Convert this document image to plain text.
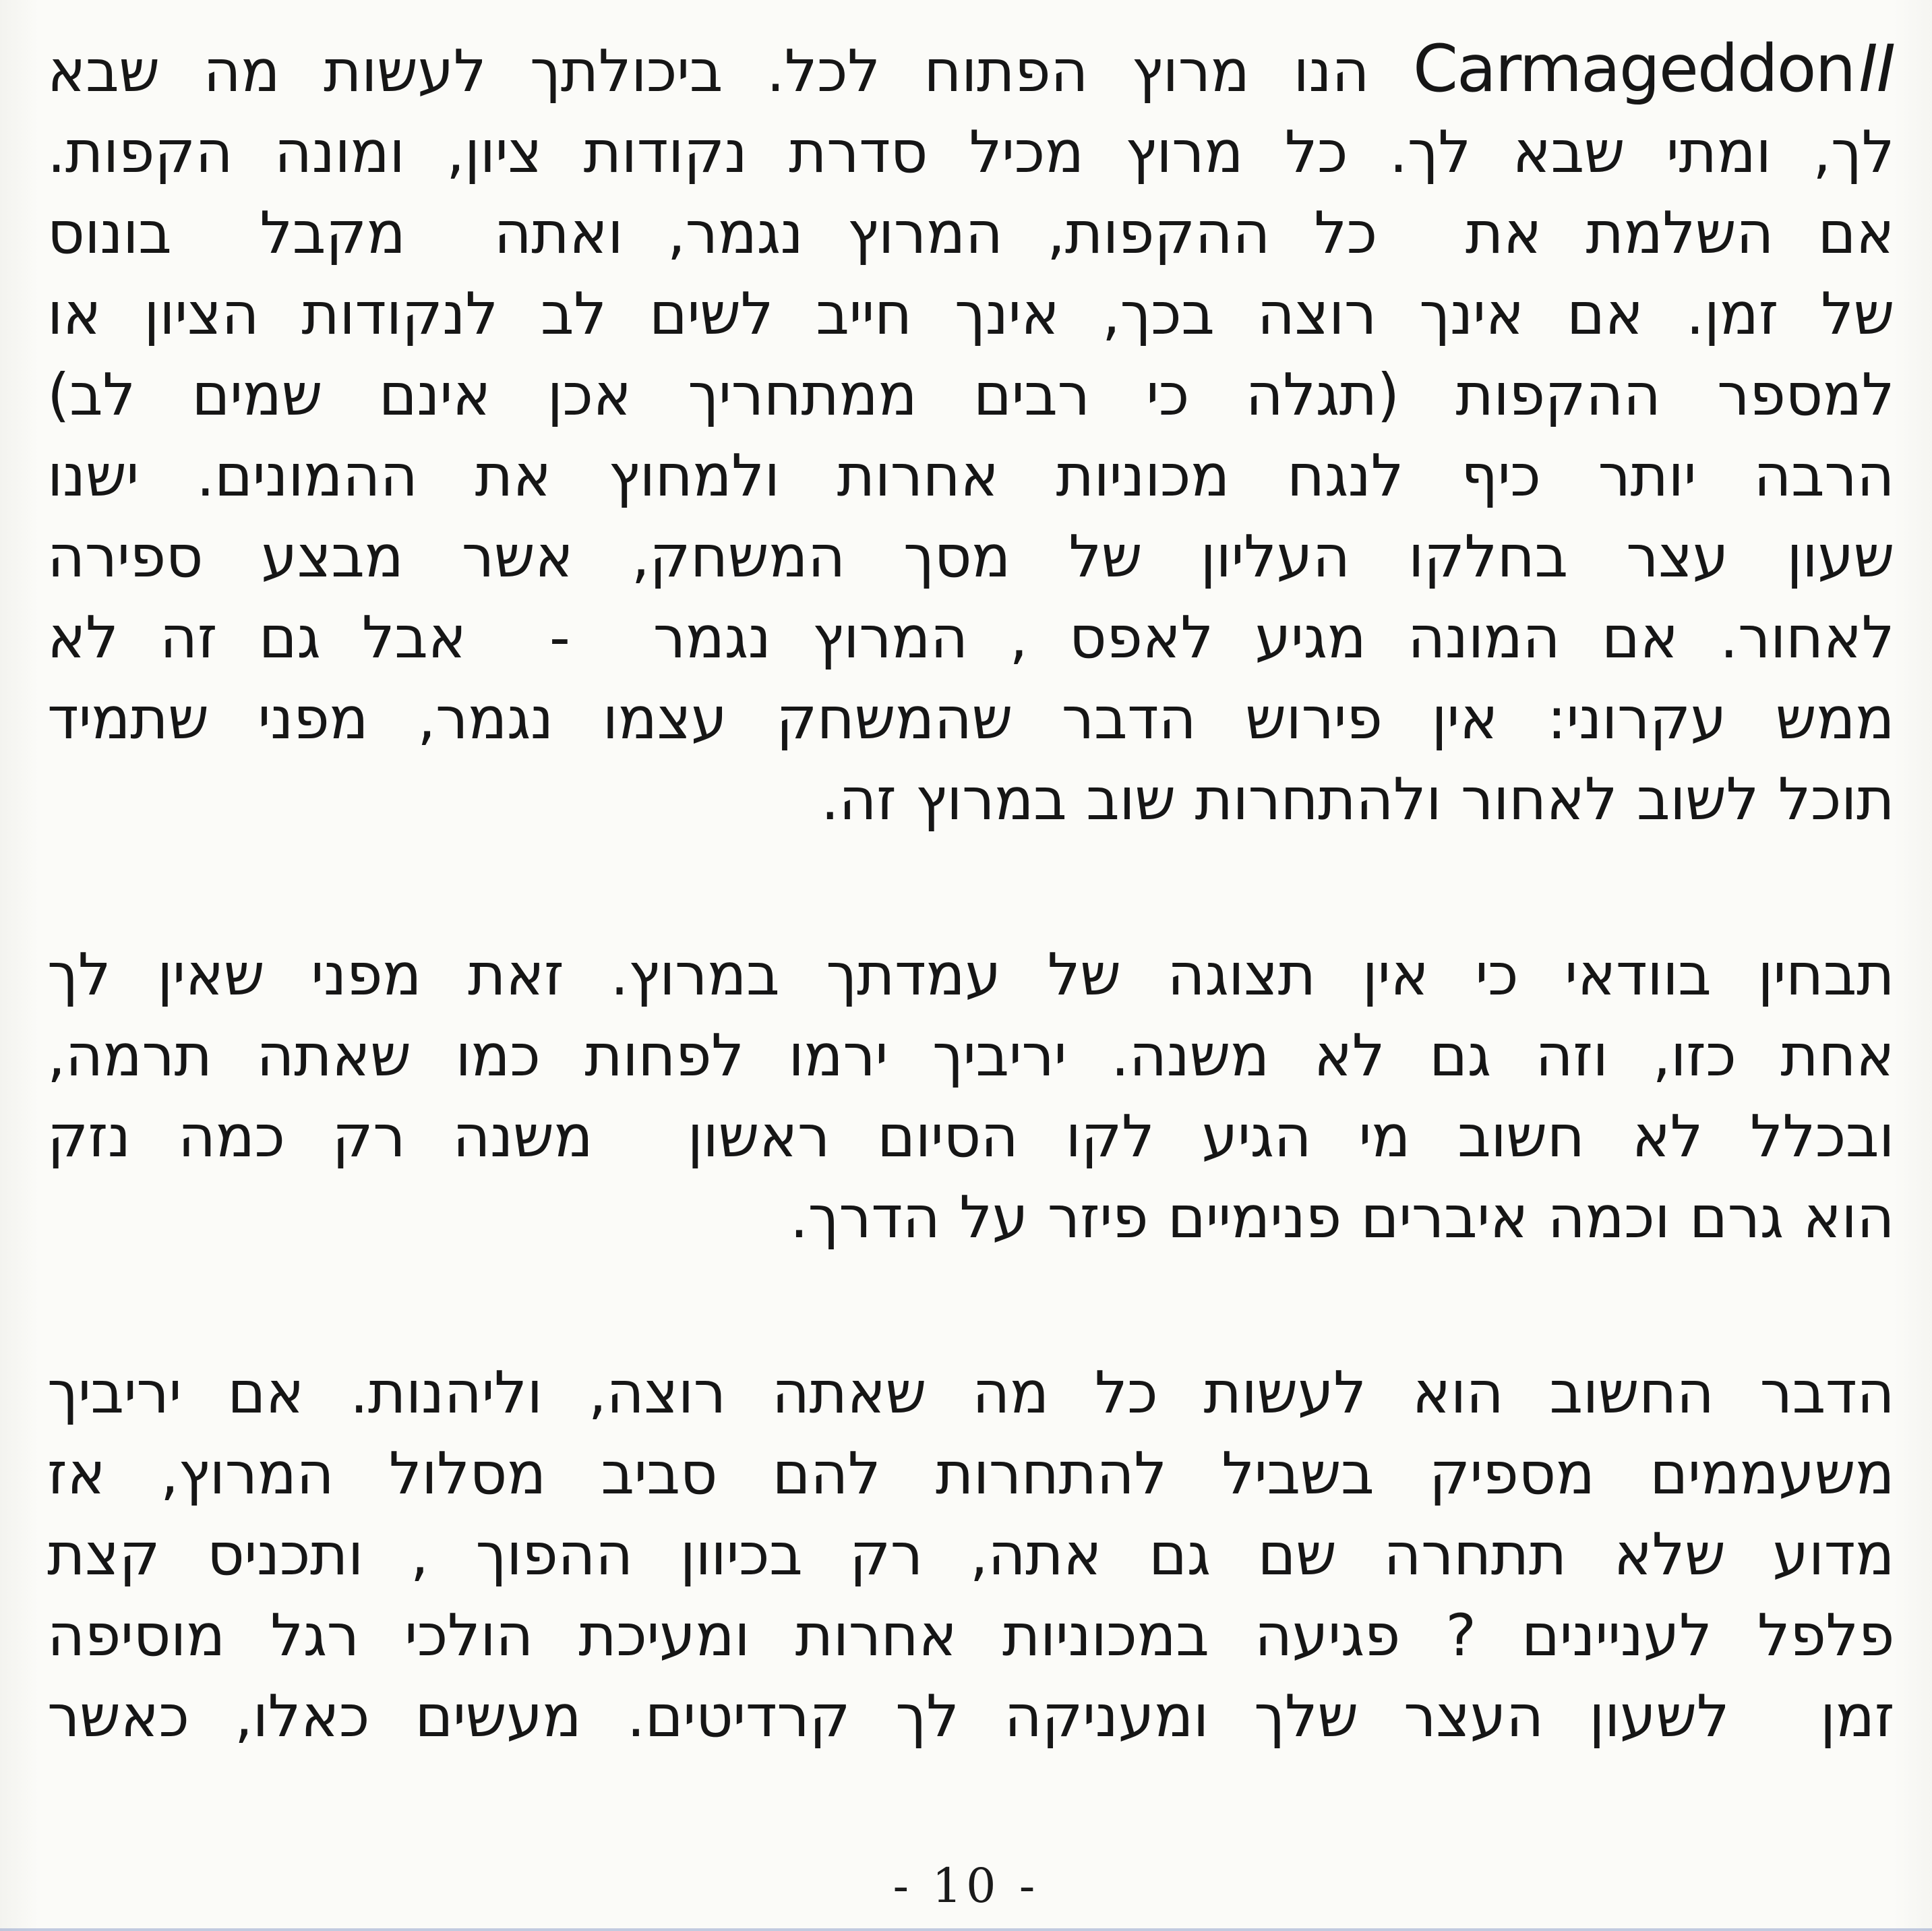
CarmageddonII הנו מרוץ הפתוח לכל. ביכולתך לעשות מה שבא
לך, ומתי שבא לך. כל מרוץ מכיל סדרת נקודות ציון, ומונה הקפות.
אם השלמת את  כל ההקפות, המרוץ נגמר, ואתה  מקבל  בונוס
של זמן. אם אינך רוצה בכך, אינך חייב לשים לב לנקודות הציון או
למספר ההקפות (תגלה כי רבים ממתחריך אכן אינם שמים לב)
הרבה יותר כיף לנגח מכוניות אחרות ולמחוץ את ההמונים. ישנו
שעון עצר בחלקו העליון של מסך המשחק, אשר מבצע ספירה
לאחור. אם המונה מגיע לאפס , המרוץ נגמר  -  אבל גם זה לא
ממש עקרוני: אין פירוש הדבר שהמשחק עצמו נגמר, מפני שתמיד
תוכל לשוב לאחור ולהתחרות שוב במרוץ זה.
תבחין בוודאי כי אין תצוגה של עמדתך במרוץ. זאת מפני שאין לך
אחת כזו, וזה גם לא משנה. יריביך ירמו לפחות כמו שאתה תרמה,
ובכלל לא חשוב מי הגיע לקו הסיום ראשון  משנה רק כמה נזק
הוא גרם וכמה איברים פנימיים פיזר על הדרך.
הדבר החשוב הוא לעשות כל מה שאתה רוצה, וליהנות. אם יריביך
משעממים מספיק בשביל להתחרות להם סביב מסלול המרוץ, אז
מדוע שלא תתחרה שם גם אתה, רק בכיוון ההפוך , ותכניס קצת
פלפל לעניינים ? פגיעה במכוניות אחרות ומעיכת הולכי רגל מוסיפה
זמן  לשעון העצר שלך ומעניקה לך קרדיטים. מעשים כאלו, כאשר
- 10 -
